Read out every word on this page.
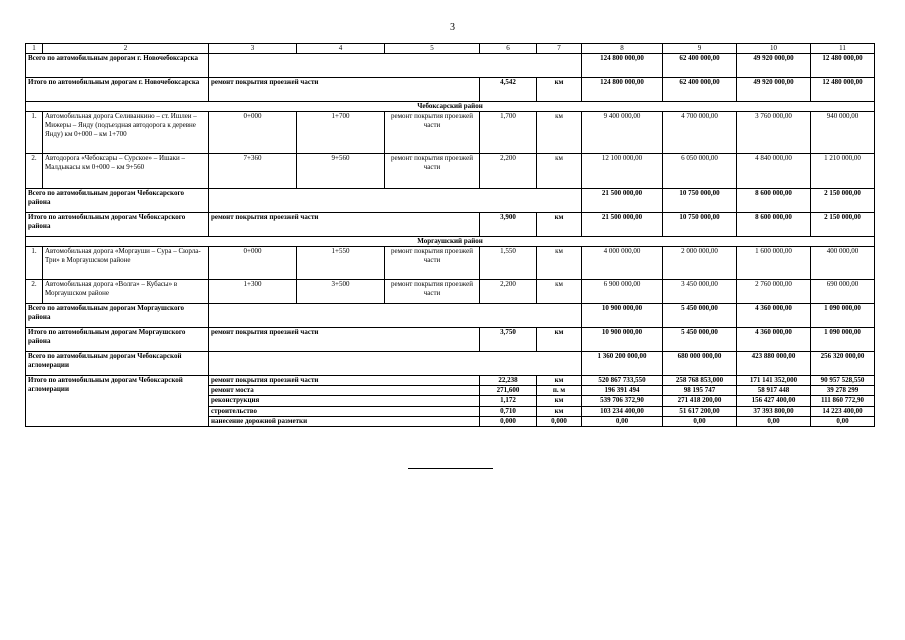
3
1	2	3	4	5	6	7	8	9	10	11
Всего по автомобильным дорогам г. Новочебоксарска							124 800 000,00	62 400 000,00	49 920 000,00	12 480 000,00
Итого по автомобильным дорогам г. Новочебоксарска		ремонт покрытия проезжей части			4,542	км	124 800 000,00	62 400 000,00	49 920 000,00	12 480 000,00
Чебоксарский район										
1.	Автомобильная дорога Селиванкино – ст. Ишлеи – Мижеры – Янду (подъездная автодорога к деревне Янду) км 0+000 – км 1+700	0+000	1+700	ремонт покрытия проезжей части	1,700	км	9 400 000,00	4 700 000,00	3 760 000,00	940 000,00
2.	Автодорога «Чебоксары – Сурское» – Ишаки – Малдыкасы км 0+000 – км 9+560	7+360	9+560	ремонт покрытия проезжей части	2,200	км	12 100 000,00	6 050 000,00	4 840 000,00	1 210 000,00
Всего по автомобильным дорогам Чебоксарского района							21 500 000,00	10 750 000,00	8 600 000,00	2 150 000,00
Итого по автомобильным дорогам Чебоксарского района		ремонт покрытия проезжей части			3,900	км	21 500 000,00	10 750 000,00	8 600 000,00	2 150 000,00
Моргаушский район										
1.	Автомобильная дорога «Моргауши – Сура – Сюрла-Три» в Моргаушском районе	0+000	1+550	ремонт покрытия проезжей части	1,550	км	4 000 000,00	2 000 000,00	1 600 000,00	400 000,00
2.	Автомобильная дорога «Волга» – Кубасы» в Моргаушском районе	1+300	3+500	ремонт покрытия проезжей части	2,200	км	6 900 000,00	3 450 000,00	2 760 000,00	690 000,00
Всего по автомобильным дорогам Моргаушского района							10 900 000,00	5 450 000,00	4 360 000,00	1 090 000,00
Итого по автомобильным дорогам Моргаушского района		ремонт покрытия проезжей части			3,750	км	10 900 000,00	5 450 000,00	4 360 000,00	1 090 000,00
Всего по автомобильным дорогам Чебоксарской агломерации							1 360 200 000,00	680 000 000,00	423 880 000,00	256 320 000,00
Итого по автомобильным дорогам Чебоксарской агломерации		ремонт покрытия проезжей части			22,238	км	520 867 733,550	258 768 853,000	171 141 352,000	90 957 528,550
		ремонт моста			271,600	п. м	196 391 494	98 195 747	58 917 448	39 278 299
		реконструкция			1,172	км	539 706 372,90	271 418 200,00	156 427 400,00	111 860 772,90
		строительство			0,710	км	103 234 400,00	51 617 200,00	37 393 800,00	14 223 400,00
		нанесение дорожной разметки			0,000	0,000	0,00	0,00	0,00	0,00
